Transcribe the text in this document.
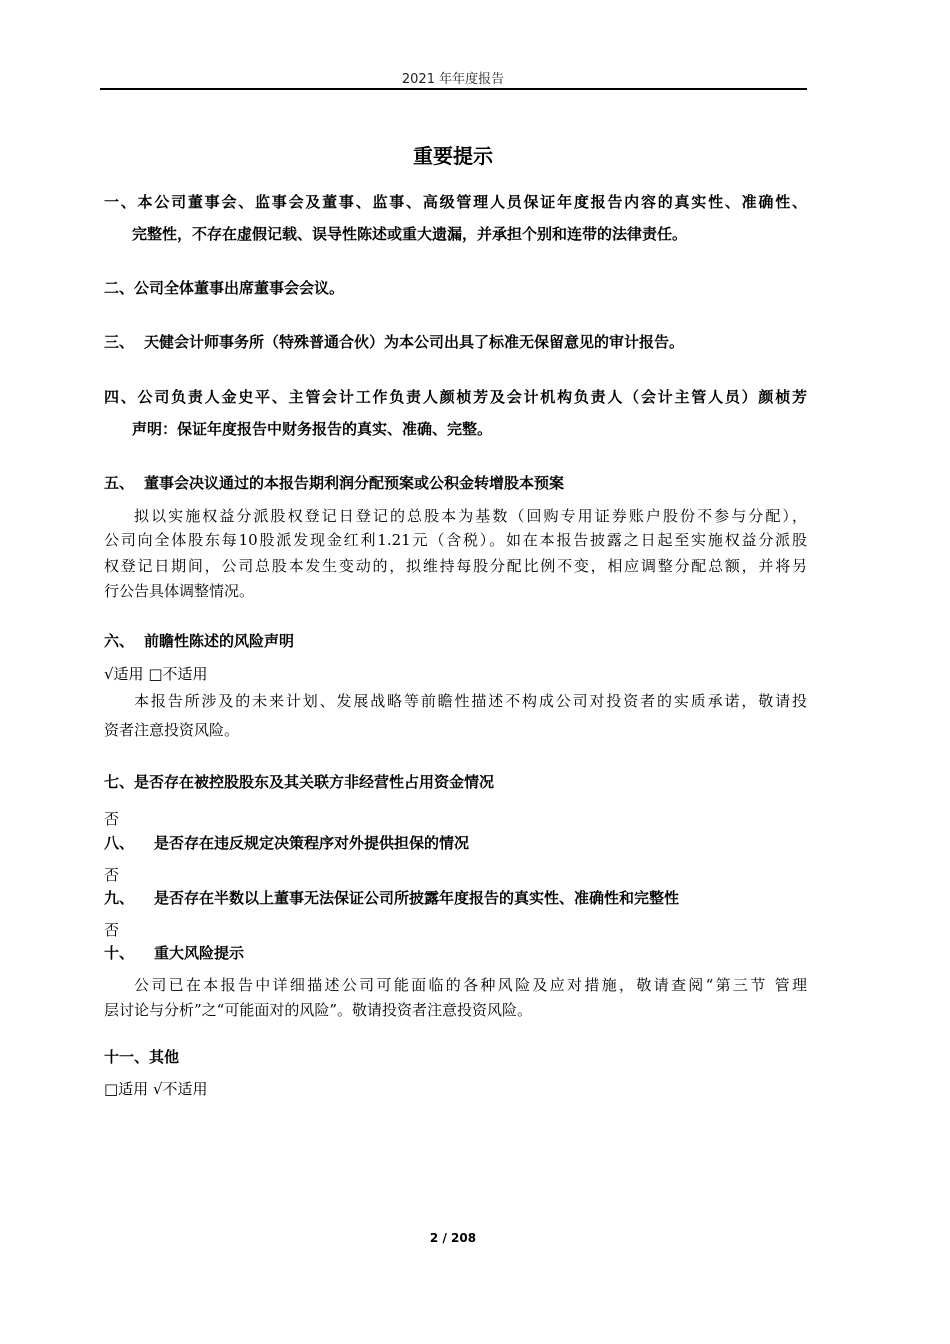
2021 年年度报告
重要提示
一、本公司董事会、监事会及董事、监事、高级管理人员保证年度报告内容的真实性、准确性、
完整性，不存在虚假记载、误导性陈述或重大遗漏，并承担个别和连带的法律责任。
二、公司全体董事出席董事会会议。
三、 天健会计师事务所（特殊普通合伙）为本公司出具了标准无保留意见的审计报告。
四、公司负责人金史平、主管会计工作负责人颜桢芳及会计机构负责人（会计主管人员）颜桢芳
声明：保证年度报告中财务报告的真实、准确、完整。
五、 董事会决议通过的本报告期利润分配预案或公积金转增股本预案
拟以实施权益分派股权登记日登记的总股本为基数（回购专用证券账户股份不参与分配），
公司向全体股东每10股派发现金红利1.21元（含税）。如在本报告披露之日起至实施权益分派股
权登记日期间，公司总股本发生变动的，拟维持每股分配比例不变，相应调整分配总额，并将另
行公告具体调整情况。
六、 前瞻性陈述的风险声明
√适用 □不适用
本报告所涉及的未来计划、发展战略等前瞻性描述不构成公司对投资者的实质承诺，敬请投
资者注意投资风险。
七、是否存在被控股股东及其关联方非经营性占用资金情况
否
八、 是否存在违反规定决策程序对外提供担保的情况
否
九、 是否存在半数以上董事无法保证公司所披露年度报告的真实性、准确性和完整性
否
十、 重大风险提示
公司已在本报告中详细描述公司可能面临的各种风险及应对措施，敬请查阅“第三节 管理
层讨论与分析”之“可能面对的风险”。敬请投资者注意投资风险。
十一、其他
□适用 √不适用
2 / 208
